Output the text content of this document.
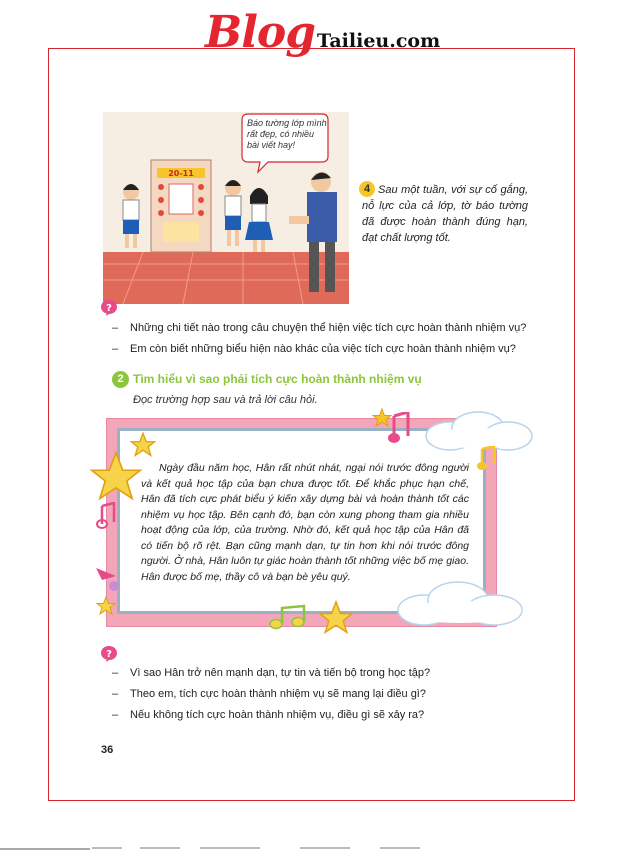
Blog Tailieu.com
20-11
Báo tường lớp mình rất đẹp, có nhiều bài viết hay!
4 Sau một tuần, với sự cố gắng, nỗ lực của cả lớp, tờ báo tường đã được hoàn thành đúng hạn, đạt chất lượng tốt.
?
– Những chi tiết nào trong câu chuyện thể hiện việc tích cực hoàn thành nhiệm vụ?
– Em còn biết những biểu hiện nào khác của việc tích cực hoàn thành nhiệm vụ?
2 Tìm hiểu vì sao phải tích cực hoàn thành nhiệm vụ
Đọc trường hợp sau và trả lời câu hỏi.
Ngày đầu năm học, Hân rất nhút nhát, ngại nói trước đông người và kết quả học tập của bạn chưa được tốt. Để khắc phục hạn chế, Hân đã tích cực phát biểu ý kiến xây dựng bài và hoàn thành tốt các nhiệm vụ học tập. Bên cạnh đó, bạn còn xung phong tham gia nhiều hoạt động của lớp, của trường. Nhờ đó, kết quả học tập của Hân đã có tiến bộ rõ rệt. Bạn cũng mạnh dạn, tự tin hơn khi nói trước đông người. Ở nhà, Hân luôn tự giác hoàn thành tốt những việc bố mẹ giao. Hân được bố mẹ, thầy cô và bạn bè yêu quý.
?
– Vì sao Hân trở nên mạnh dạn, tự tin và tiến bộ trong học tập?
– Theo em, tích cực hoàn thành nhiệm vụ sẽ mang lại điều gì?
– Nếu không tích cực hoàn thành nhiệm vụ, điều gì sẽ xảy ra?
36
